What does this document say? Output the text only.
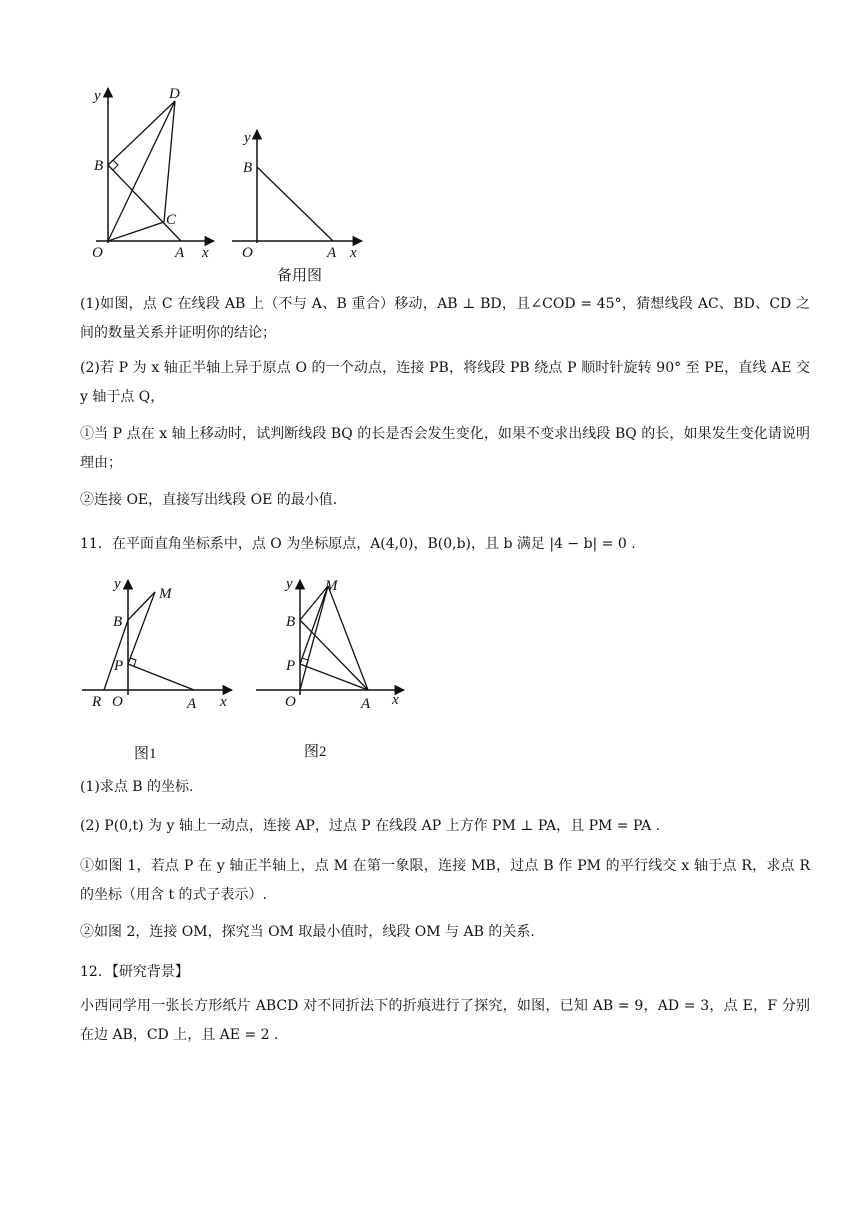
y	D
B
C
O	A x
y
B
O	A x
备用图

(1)如图，点 C 在线段 AB 上（不与 A、B 重合）移动，AB ⊥ BD，且∠COD = 45°，猜想线段 AC、BD、CD 之间的数量关系并证明你的结论；

(2)若 P 为 x 轴正半轴上异于原点 O 的一个动点，连接 PB，将线段 PB 绕点 P 顺时针旋转 90° 至 PE，直线 AE 交 y 轴于点 Q，

①当 P 点在 x 轴上移动时，试判断线段 BQ 的长是否会发生变化，如果不变求出线段 BQ 的长，如果发生变化请说明理由；

②连接 OE，直接写出线段 OE 的最小值.

11．在平面直角坐标系中，点 O 为坐标原点，A(4,0)，B(0,b)，且 b 满足 |4 − b| = 0 .

y
M
B
P
R O	A x
图1
y M
B
P
O	A x
图2

(1)求点 B 的坐标.

(2) P(0,t) 为 y 轴上一动点，连接 AP，过点 P 在线段 AP 上方作 PM ⊥ PA，且 PM = PA .

①如图 1，若点 P 在 y 轴正半轴上，点 M 在第一象限，连接 MB，过点 B 作 PM 的平行线交 x 轴于点 R，求点 R 的坐标（用含 t 的式子表示）.

②如图 2，连接 OM，探究当 OM 取最小值时，线段 OM 与 AB 的关系.

12．【研究背景】

小西同学用一张长方形纸片 ABCD 对不同折法下的折痕进行了探究，如图，已知 AB = 9，AD = 3，点 E，F 分别在边 AB，CD 上，且 AE = 2 .
